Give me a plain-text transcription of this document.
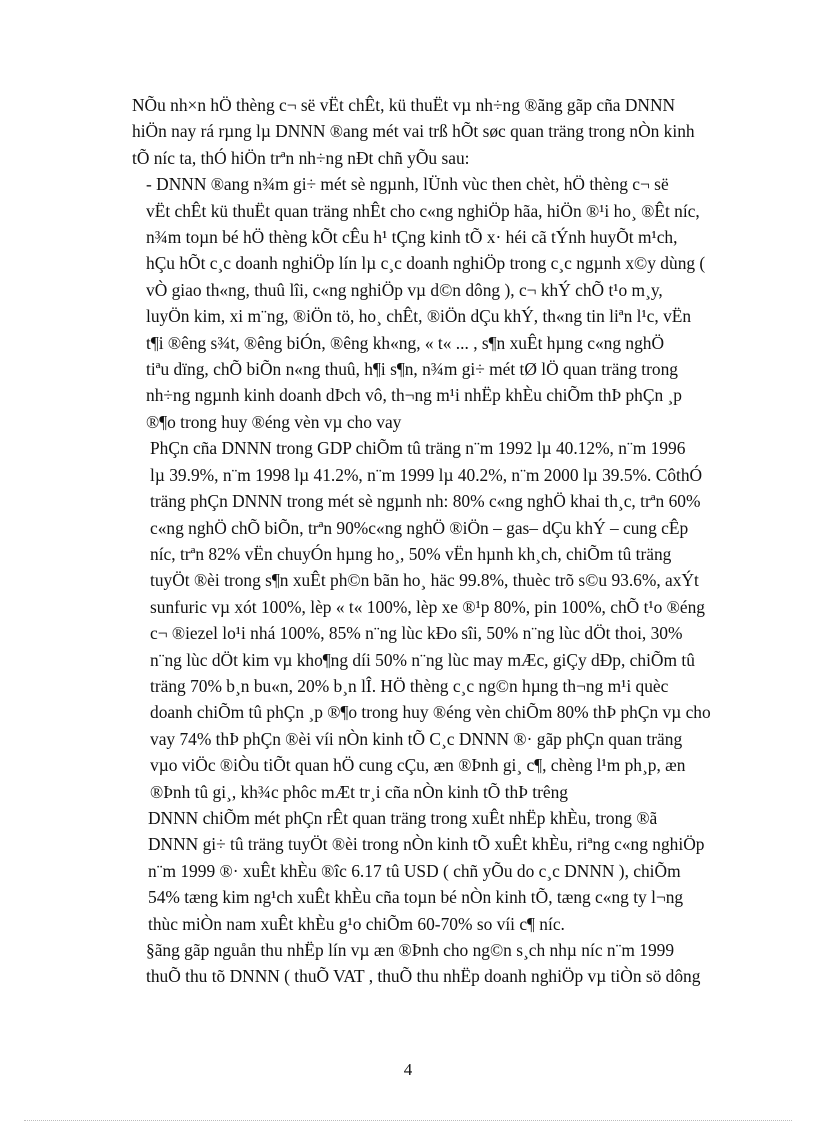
NÕu nh×n hÖ thèng c¬ së vËt chÊt, kü thuËt vµ nh÷ng ®ãng gãp cña DNNN
hiÖn nay rá rµng lµ DNNN ®ang mét vai trß hÕt søc quan träng trong nÒn kinh
tÕ níc ta, thÓ hiÖn trªn nh÷ng nÐt chñ yÕu sau:

- DNNN ®ang n¾m gi÷ mét sè ngµnh, lÜnh vùc then chèt, hÖ thèng c¬ së
vËt chÊt kü thuËt quan träng nhÊt cho c«ng nghiÖp hãa, hiÖn ®¹i ho¸ ®Êt níc,
n¾m toµn bé hÖ thèng kÕt cÊu h¹ tÇng kinh tÕ x· héi cã tÝnh huyÕt m¹ch,
hÇu hÕt c¸c doanh nghiÖp lín lµ c¸c doanh nghiÖp trong c¸c ngµnh x©y dùng (
vÒ giao th«ng, thuû lîi, c«ng nghiÖp vµ d©n dông ), c¬ khÝ chÕ t¹o m¸y,
luyÖn kim, xi m¨ng, ®iÖn tö, ho¸ chÊt, ®iÖn dÇu khÝ, th«ng tin liªn l¹c, vËn
t¶i ®êng s¾t, ®êng biÓn, ®êng kh«ng, « t« ... , s¶n xuÊt hµng c«ng nghÖ
tiªu dïng, chÕ biÕn n«ng thuû, h¶i s¶n, n¾m gi÷ mét tØ lÖ quan träng trong
nh÷ng ngµnh kinh doanh dÞch vô, th¬ng m¹i nhËp khÈu chiÕm thÞ phÇn ¸p
®¶o trong huy ®éng vèn vµ cho vay

PhÇn cña DNNN trong GDP chiÕm tû träng n¨m 1992 lµ 40.12%, n¨m 1996
lµ 39.9%, n¨m 1998 lµ 41.2%, n¨m 1999 lµ 40.2%, n¨m 2000 lµ 39.5%. CôthÓ
träng phÇn DNNN trong mét sè ngµnh nh: 80% c«ng nghÖ khai th¸c, trªn 60%
c«ng nghÖ chÕ biÕn, trªn 90%c«ng nghÖ ®iÖn – gas– dÇu khÝ – cung cÊp
níc, trªn 82% vËn chuyÓn hµng ho¸, 50% vËn hµnh kh¸ch, chiÕm tû träng
tuyÖt ®èi trong s¶n xuÊt ph©n bãn ho¸ häc 99.8%, thuèc trõ s©u 93.6%, axÝt
sunfuric vµ xót 100%, lèp « t« 100%, lèp xe ®¹p 80%, pin 100%, chÕ t¹o ®éng
c¬ ®iezel lo¹i nhá 100%, 85% n¨ng lùc kÐo sîi, 50% n¨ng lùc dÖt thoi, 30%
n¨ng lùc dÖt kim vµ kho¶ng díi 50% n¨ng lùc may mÆc, giÇy dÐp, chiÕm tû
träng 70% b¸n bu«n, 20% b¸n lÎ. HÖ thèng c¸c ng©n hµng th¬ng m¹i quèc
doanh chiÕm tû phÇn ¸p ®¶o trong huy ®éng vèn chiÕm 80% thÞ phÇn vµ cho
vay 74% thÞ phÇn ®èi víi nÒn kinh tÕ C¸c DNNN ®· gãp phÇn quan träng
vµo viÖc ®iÒu tiÕt quan hÖ cung cÇu, æn ®Þnh gi¸ c¶, chèng l¹m ph¸p, æn
®Þnh tû gi¸, kh¾c phôc mÆt tr¸i cña nÒn kinh tÕ thÞ trêng

DNNN chiÕm mét phÇn rÊt quan träng trong xuÊt nhËp khÈu, trong ®ã
DNNN gi÷ tû träng tuyÖt ®èi trong nÒn kinh tÕ xuÊt khÈu, riªng c«ng nghiÖp
n¨m 1999 ®· xuÊt khÈu ®îc 6.17 tû USD ( chñ yÕu do c¸c DNNN ), chiÕm
54% tæng kim ng¹ch xuÊt khÈu cña toµn bé nÒn kinh tÕ, tæng c«ng ty l¬ng
thùc miÒn nam xuÊt khÈu g¹o chiÕm 60-70% so víi c¶ níc.

§ãng gãp nguån thu nhËp lín vµ æn ®Þnh cho ng©n s¸ch nhµ níc n¨m 1999
thuÕ thu tõ DNNN ( thuÕ VAT , thuÕ thu nhËp doanh nghiÖp vµ tiÒn sö dông

4
